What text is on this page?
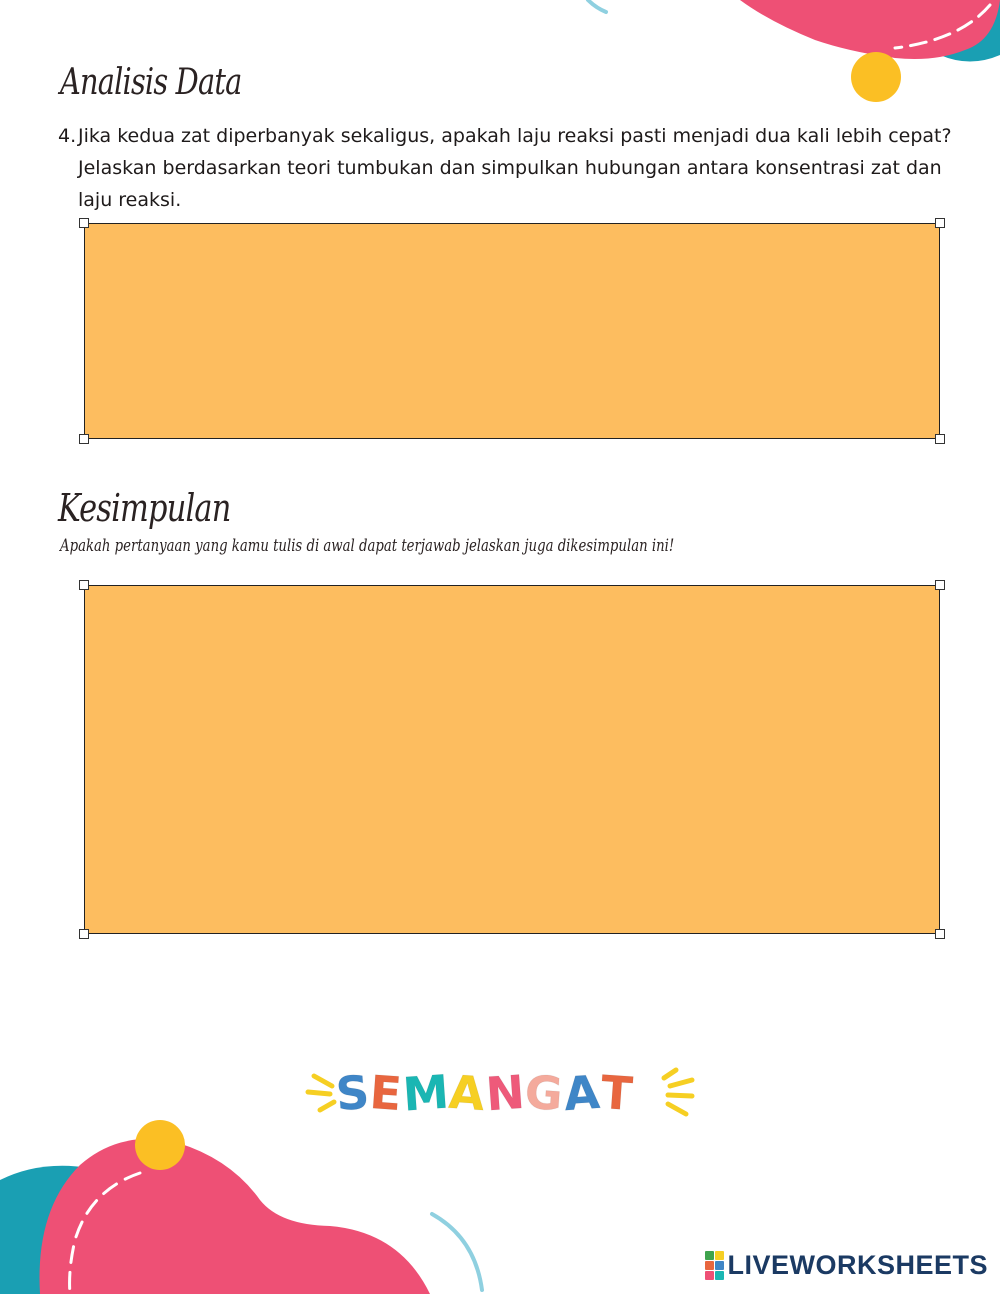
Analisis Data
4. Jika kedua zat diperbanyak sekaligus, apakah laju reaksi pasti menjadi dua kali lebih cepat? Jelaskan berdasarkan teori tumbukan dan simpulkan hubungan antara konsentrasi zat dan laju reaksi.
Kesimpulan
Apakah pertanyaan yang kamu tulis di awal dapat terjawab jelaskan juga dikesimpulan ini!
S
E
M
A
N
G
A
T
LIVEWORKSHEETS
